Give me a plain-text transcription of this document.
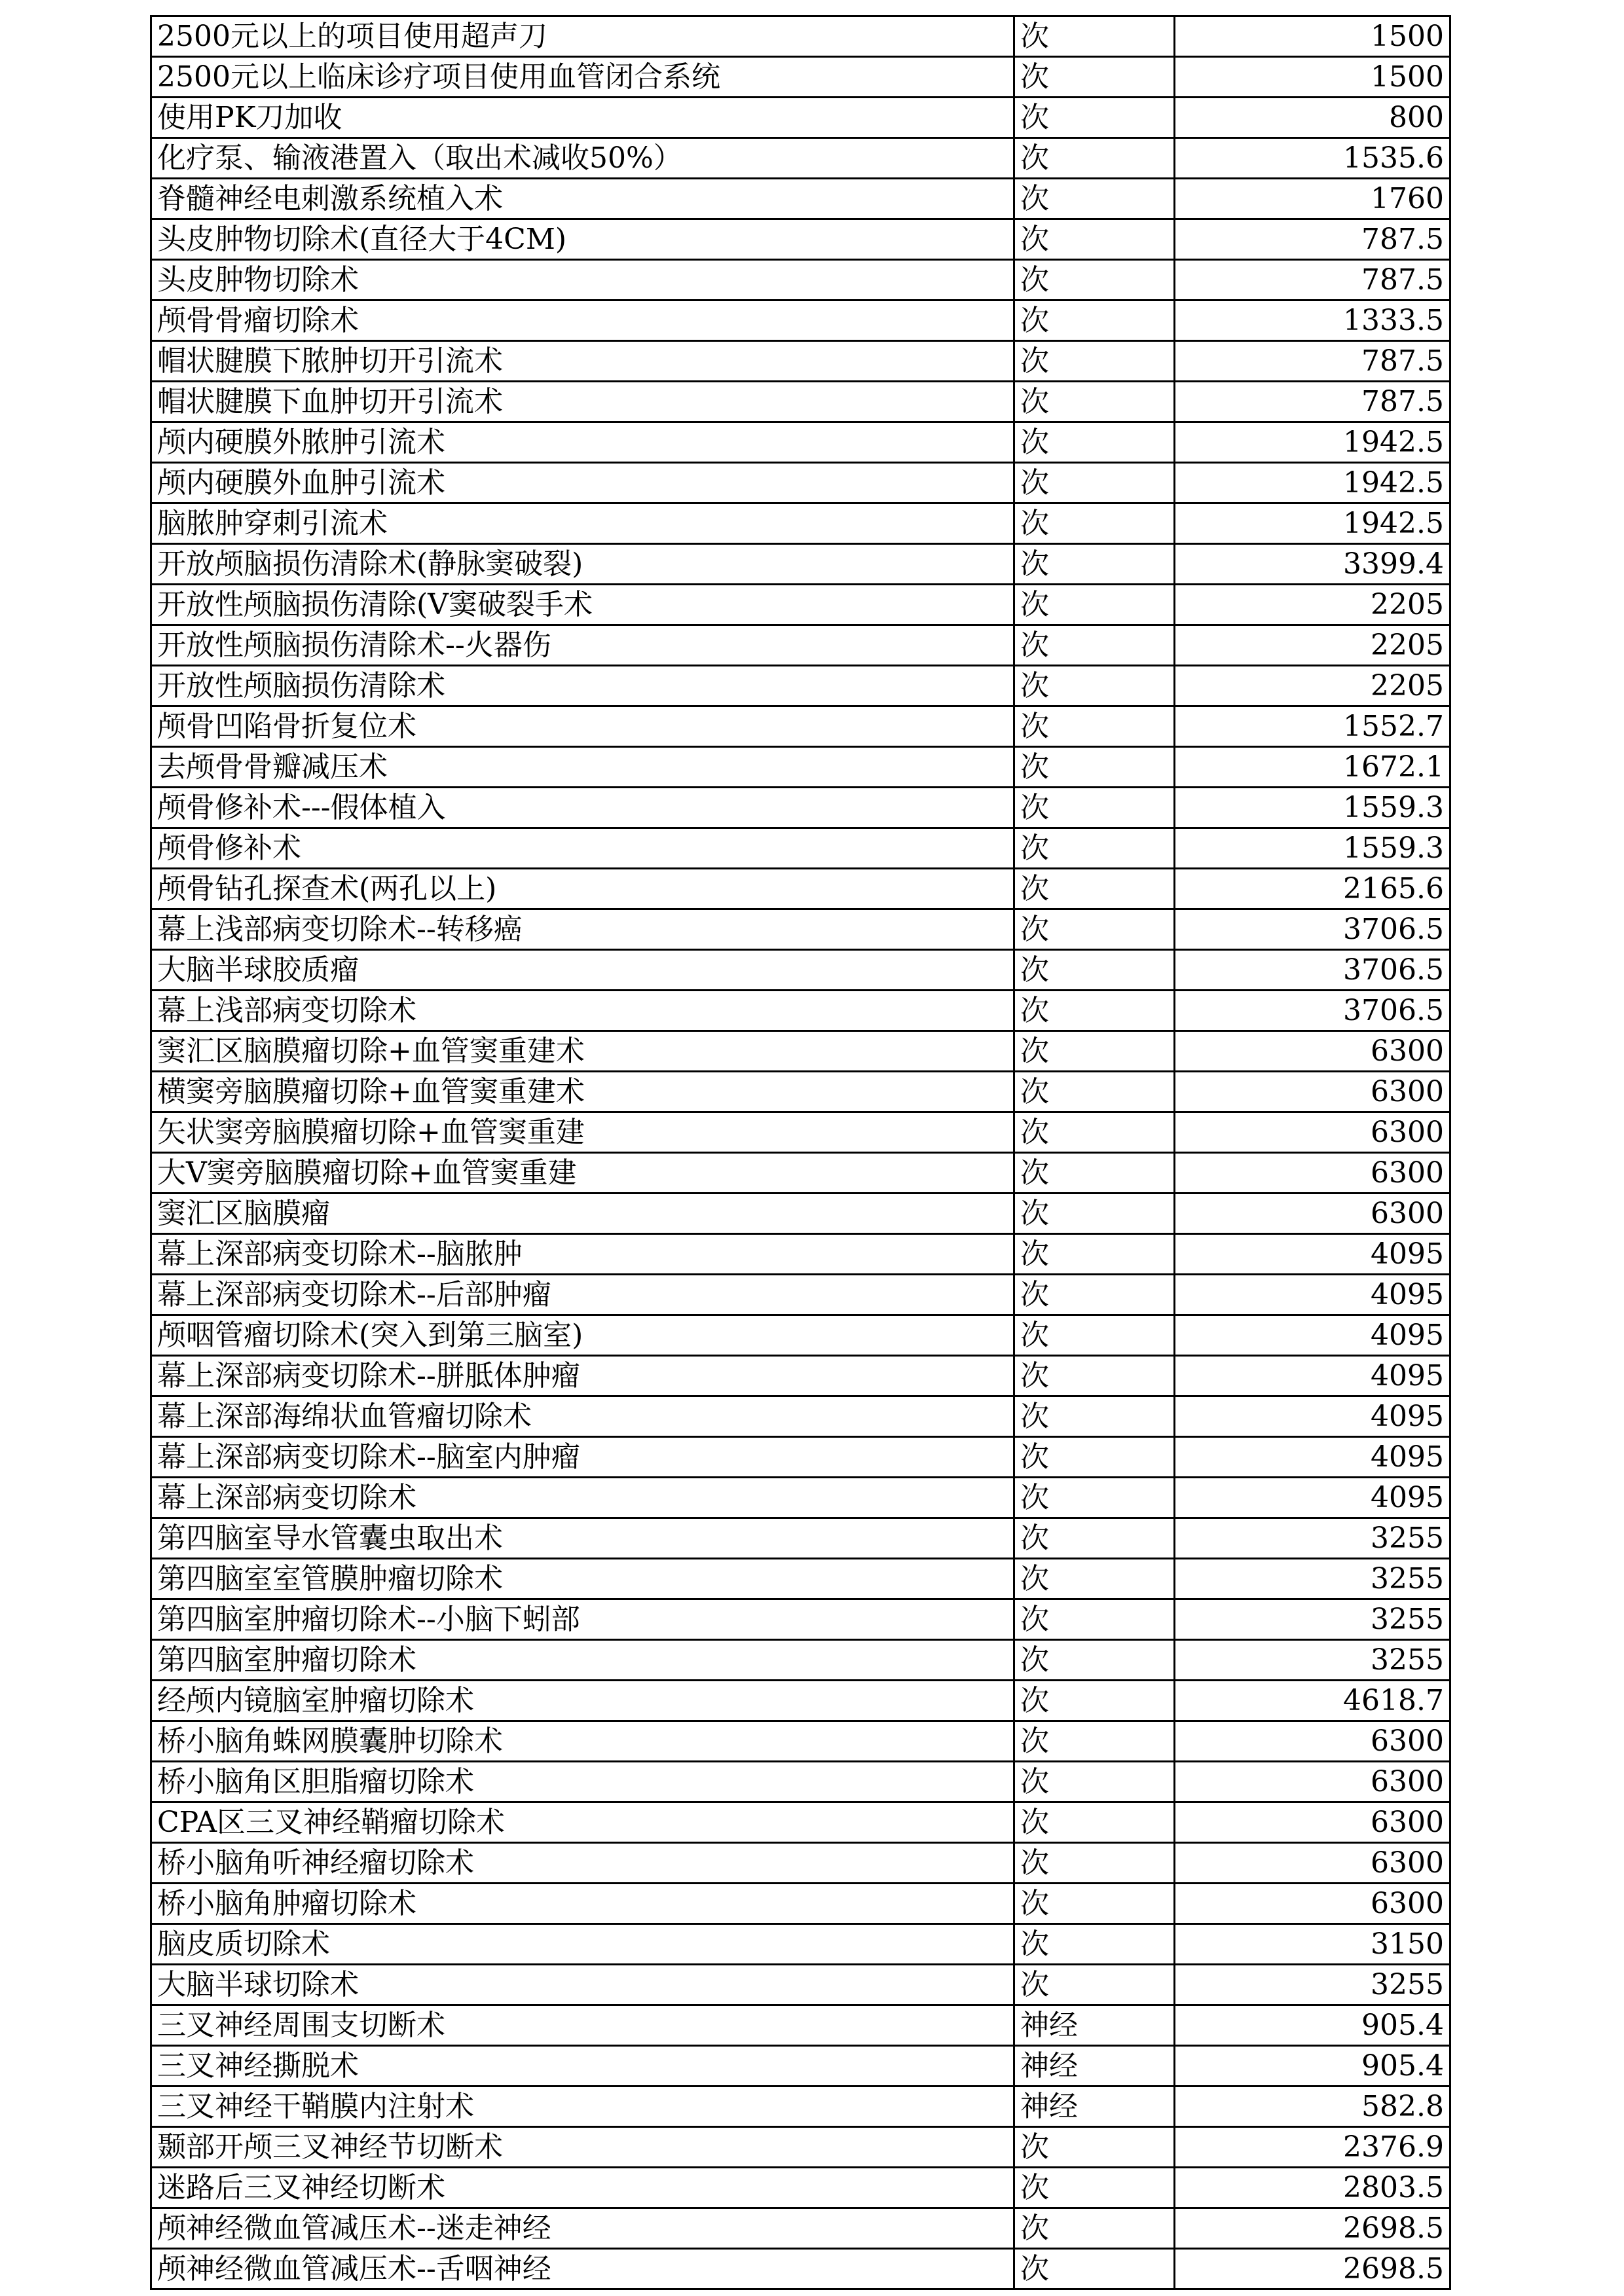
2500元以上的项目使用超声刀	次	1500
2500元以上临床诊疗项目使用血管闭合系统	次	1500
使用PK刀加收	次	800
化疗泵、输液港置入（取出术减收50%）	次	1535.6
脊髓神经电刺激系统植入术	次	1760
头皮肿物切除术(直径大于4CM)	次	787.5
头皮肿物切除术	次	787.5
颅骨骨瘤切除术	次	1333.5
帽状腱膜下脓肿切开引流术	次	787.5
帽状腱膜下血肿切开引流术	次	787.5
颅内硬膜外脓肿引流术	次	1942.5
颅内硬膜外血肿引流术	次	1942.5
脑脓肿穿刺引流术	次	1942.5
开放颅脑损伤清除术(静脉窦破裂)	次	3399.4
开放性颅脑损伤清除(V窦破裂手术	次	2205
开放性颅脑损伤清除术--火器伤	次	2205
开放性颅脑损伤清除术	次	2205
颅骨凹陷骨折复位术	次	1552.7
去颅骨骨瓣减压术	次	1672.1
颅骨修补术---假体植入	次	1559.3
颅骨修补术	次	1559.3
颅骨钻孔探查术(两孔以上)	次	2165.6
幕上浅部病变切除术--转移癌	次	3706.5
大脑半球胶质瘤	次	3706.5
幕上浅部病变切除术	次	3706.5
窦汇区脑膜瘤切除+血管窦重建术	次	6300
横窦旁脑膜瘤切除+血管窦重建术	次	6300
矢状窦旁脑膜瘤切除+血管窦重建	次	6300
大V窦旁脑膜瘤切除+血管窦重建	次	6300
窦汇区脑膜瘤	次	6300
幕上深部病变切除术--脑脓肿	次	4095
幕上深部病变切除术--后部肿瘤	次	4095
颅咽管瘤切除术(突入到第三脑室)	次	4095
幕上深部病变切除术--胼胝体肿瘤	次	4095
幕上深部海绵状血管瘤切除术	次	4095
幕上深部病变切除术--脑室内肿瘤	次	4095
幕上深部病变切除术	次	4095
第四脑室导水管囊虫取出术	次	3255
第四脑室室管膜肿瘤切除术	次	3255
第四脑室肿瘤切除术--小脑下蚓部	次	3255
第四脑室肿瘤切除术	次	3255
经颅内镜脑室肿瘤切除术	次	4618.7
桥小脑角蛛网膜囊肿切除术	次	6300
桥小脑角区胆脂瘤切除术	次	6300
CPA区三叉神经鞘瘤切除术	次	6300
桥小脑角听神经瘤切除术	次	6300
桥小脑角肿瘤切除术	次	6300
脑皮质切除术	次	3150
大脑半球切除术	次	3255
三叉神经周围支切断术	神经	905.4
三叉神经撕脱术	神经	905.4
三叉神经干鞘膜内注射术	神经	582.8
颞部开颅三叉神经节切断术	次	2376.9
迷路后三叉神经切断术	次	2803.5
颅神经微血管减压术--迷走神经	次	2698.5
颅神经微血管减压术--舌咽神经	次	2698.5
